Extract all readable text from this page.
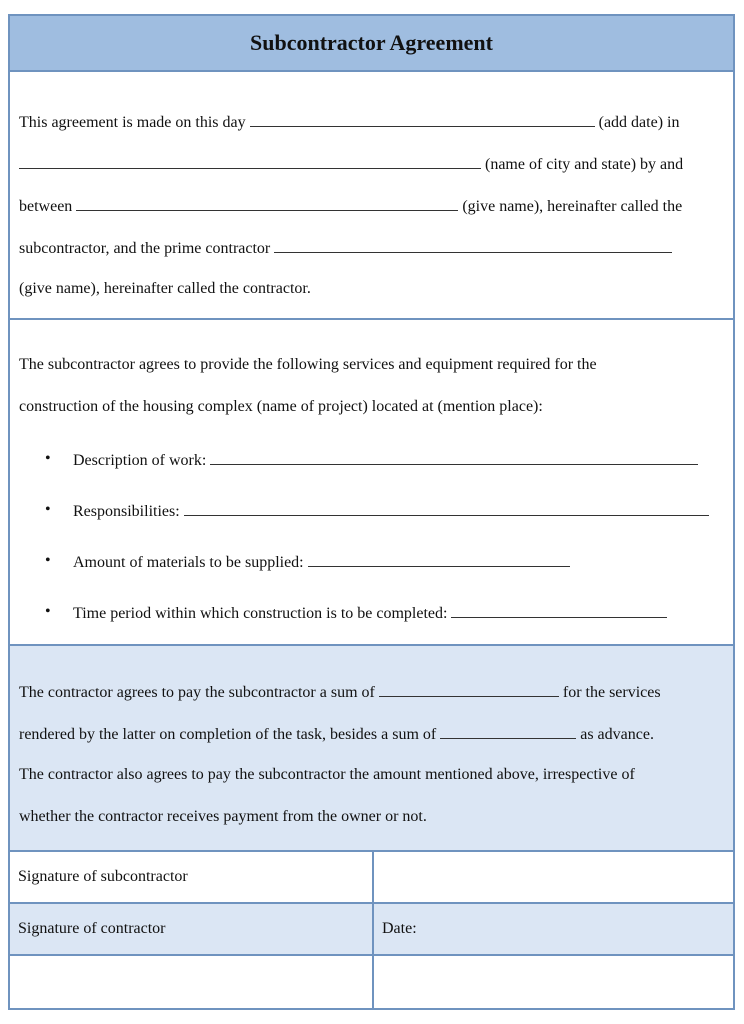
Subcontractor Agreement
This agreement is made on this day	(add date) in
(name of city and state) by and
between	(give name), hereinafter called the
subcontractor, and the prime contractor
(give name), hereinafter called the contractor.
The subcontractor agrees to provide the following services and equipment required for the
construction of the housing complex (name of project) located at (mention place):
• Description of work:
• Responsibilities:
• Amount of materials to be supplied:
• Time period within which construction is to be completed:
The contractor agrees to pay the subcontractor a sum of	for the services
rendered by the latter on completion of the task, besides a sum of	as advance.
The contractor also agrees to pay the subcontractor the amount mentioned above, irrespective of
whether the contractor receives payment from the owner or not.
Signature of subcontractor	
Signature of contractor	Date:
